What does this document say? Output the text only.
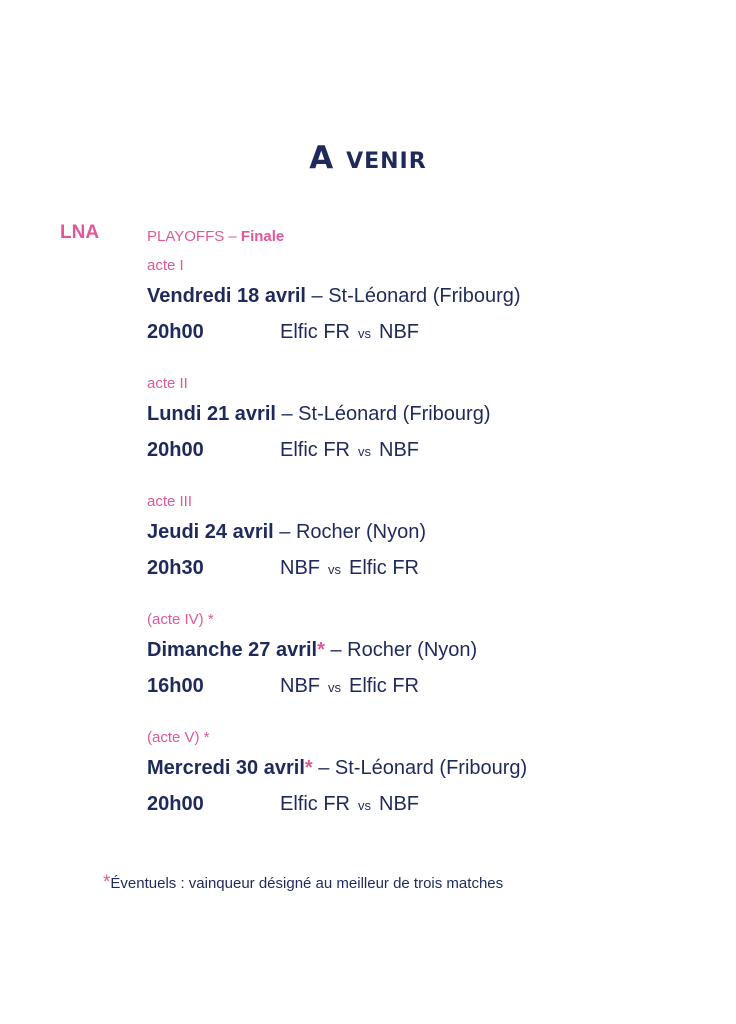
A venir
LNA	PLAYOFFS – Finale
acte I
Vendredi 18 avril – St-Léonard (Fribourg)
20h00	Elfic FR vs NBF
acte II
Lundi 21 avril – St-Léonard (Fribourg)
20h00	Elfic FR vs NBF
acte III
Jeudi 24 avril – Rocher (Nyon)
20h30	NBF vs Elfic FR
(acte IV) *
Dimanche 27 avril* – Rocher (Nyon)
16h00	NBF vs Elfic FR
(acte V) *
Mercredi 30 avril* – St-Léonard (Fribourg)
20h00	Elfic FR vs NBF
*Éventuels : vainqueur désigné au meilleur de trois matches
